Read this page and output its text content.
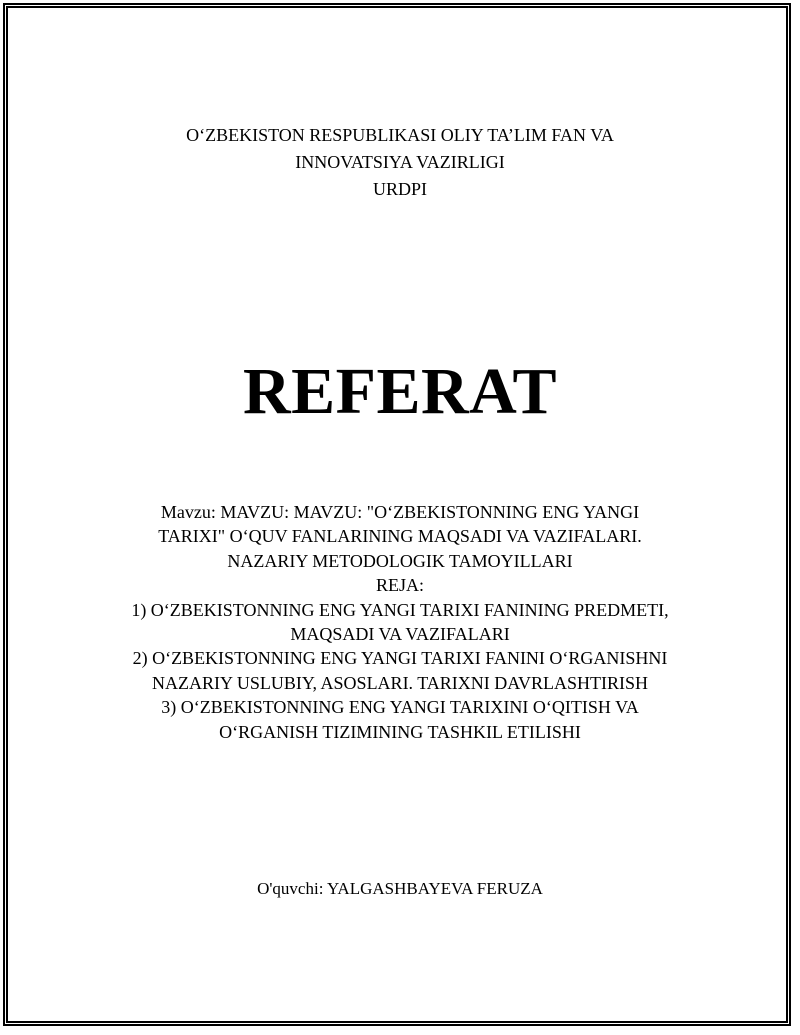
O‘ZBEKISTON RESPUBLIKASI OLIY TA’LIM FAN VA
INNOVATSIYA VAZIRLIGI
URDPI
REFERAT
Mavzu: MAVZU: MAVZU: "O‘ZBEKISTONNING ENG YANGI
TARIXI" O‘QUV FANLARINING MAQSADI VA VAZIFALARI.
NAZARIY METODOLOGIK TAMOYILLARI
REJA:
1) O‘ZBEKISTONNING ENG YANGI TARIXI FANINING PREDMETI,
MAQSADI VA VAZIFALARI
2) O‘ZBEKISTONNING ENG YANGI TARIXI FANINI O‘RGANISHNI
NAZARIY USLUBIY, ASOSLARI. TARIXNI DAVRLASHTIRISH
3) O‘ZBEKISTONNING ENG YANGI TARIXINI O‘QITISH VA
O‘RGANISH TIZIMINING TASHKIL ETILISHI
O'quvchi: YALGASHBAYEVA FERUZA
